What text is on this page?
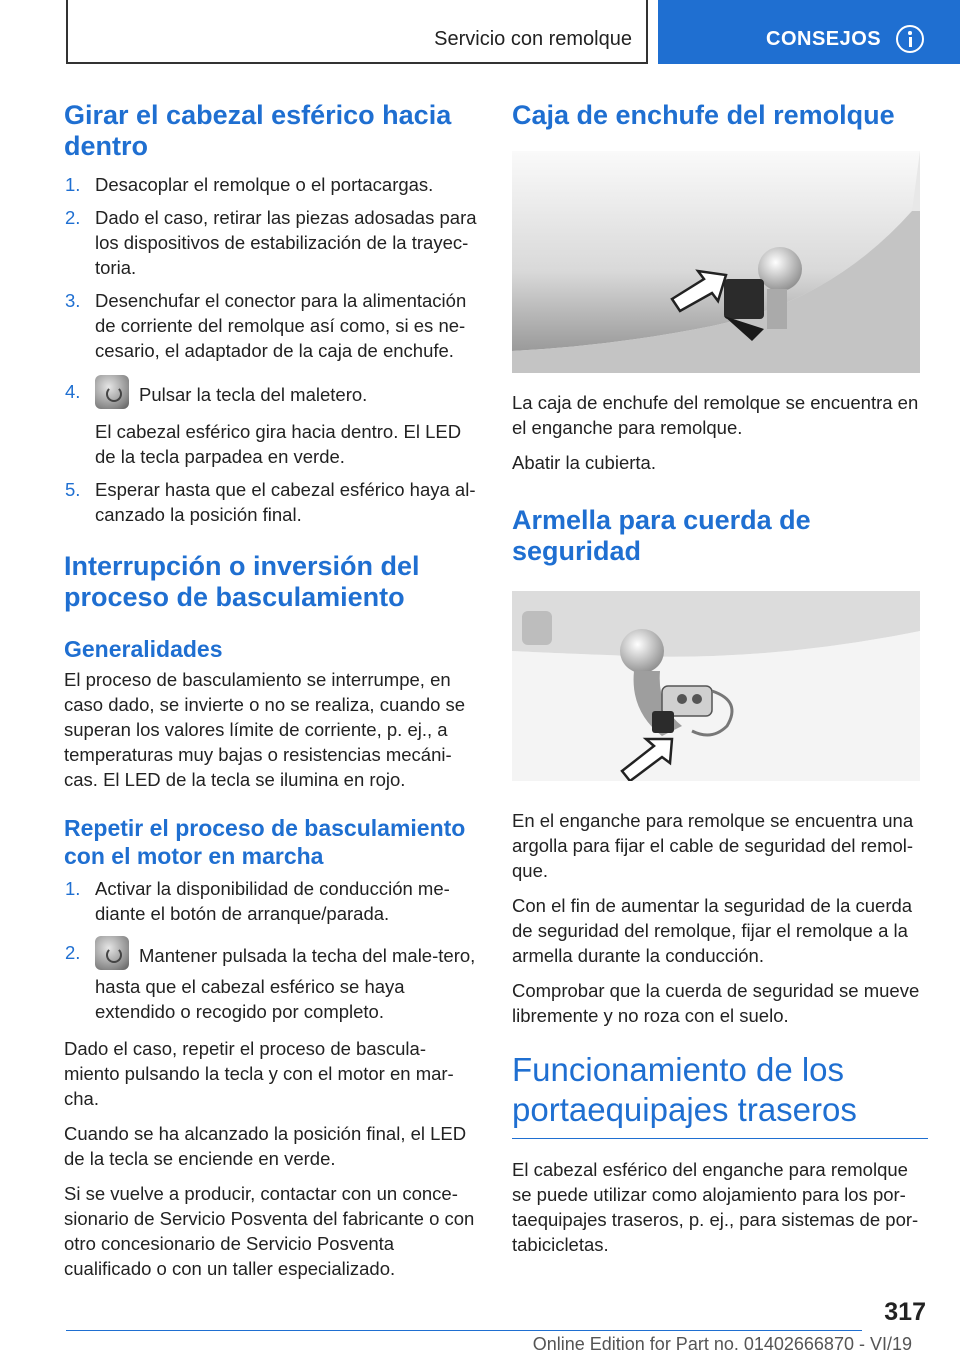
Servicio con remolque	CONSEJOS
Girar el cabezal esférico hacia dentro
1. Desacoplar el remolque o el portacargas.
2. Dado el caso, retirar las piezas adosadas para los dispositivos de estabilización de la trayec-toria.
3. Desenchufar el conector para la alimentación de corriente del remolque así como, si es ne-cesario, el adaptador de la caja de enchufe.
4.	Pulsar la tecla del maletero.
El cabezal esférico gira hacia dentro. El LED de la tecla parpadea en verde.
5. Esperar hasta que el cabezal esférico haya al-canzado la posición final.
Interrupción o inversión del proceso de basculamiento
Generalidades

El proceso de basculamiento se interrumpe, en caso dado, se invierte o no se realiza, cuando se superan los valores límite de corriente, p. ej., a temperaturas muy bajas o resistencias mecáni-cas. El LED de la tecla se ilumina en rojo.

Repetir el proceso de basculamiento con el motor en marcha
1. Activar la disponibilidad de conducción me-diante el botón de arranque/parada.
2.	Mantener pulsada la techa del male-tero, hasta que el cabezal esférico se haya extendido o recogido por completo.

Dado el caso, repetir el proceso de bascula-miento pulsando la tecla y con el motor en mar-cha.

Cuando se ha alcanzado la posición final, el LED de la tecla se enciende en verde.

Si se vuelve a producir, contactar con un conce-sionario de Servicio Posventa del fabricante o con otro concesionario de Servicio Posventa cualificado o con un taller especializado.

Caja de enchufe del remolque

La caja de enchufe del remolque se encuentra en el enganche para remolque.

Abatir la cubierta.

Armella para cuerda de seguridad

En el enganche para remolque se encuentra una argolla para fijar el cable de seguridad del remol-que.

Con el fin de aumentar la seguridad de la cuerda de seguridad del remolque, fijar el remolque a la armella durante la conducción.

Comprobar que la cuerda de seguridad se mueve libremente y no roza con el suelo.

Funcionamiento de los portaequipajes traseros

El cabezal esférico del enganche para remolque se puede utilizar como alojamiento para los por-taequipajes traseros, p. ej., para sistemas de por-tabicicletas.

317
Online Edition for Part no. 01402666870 - VI/19
